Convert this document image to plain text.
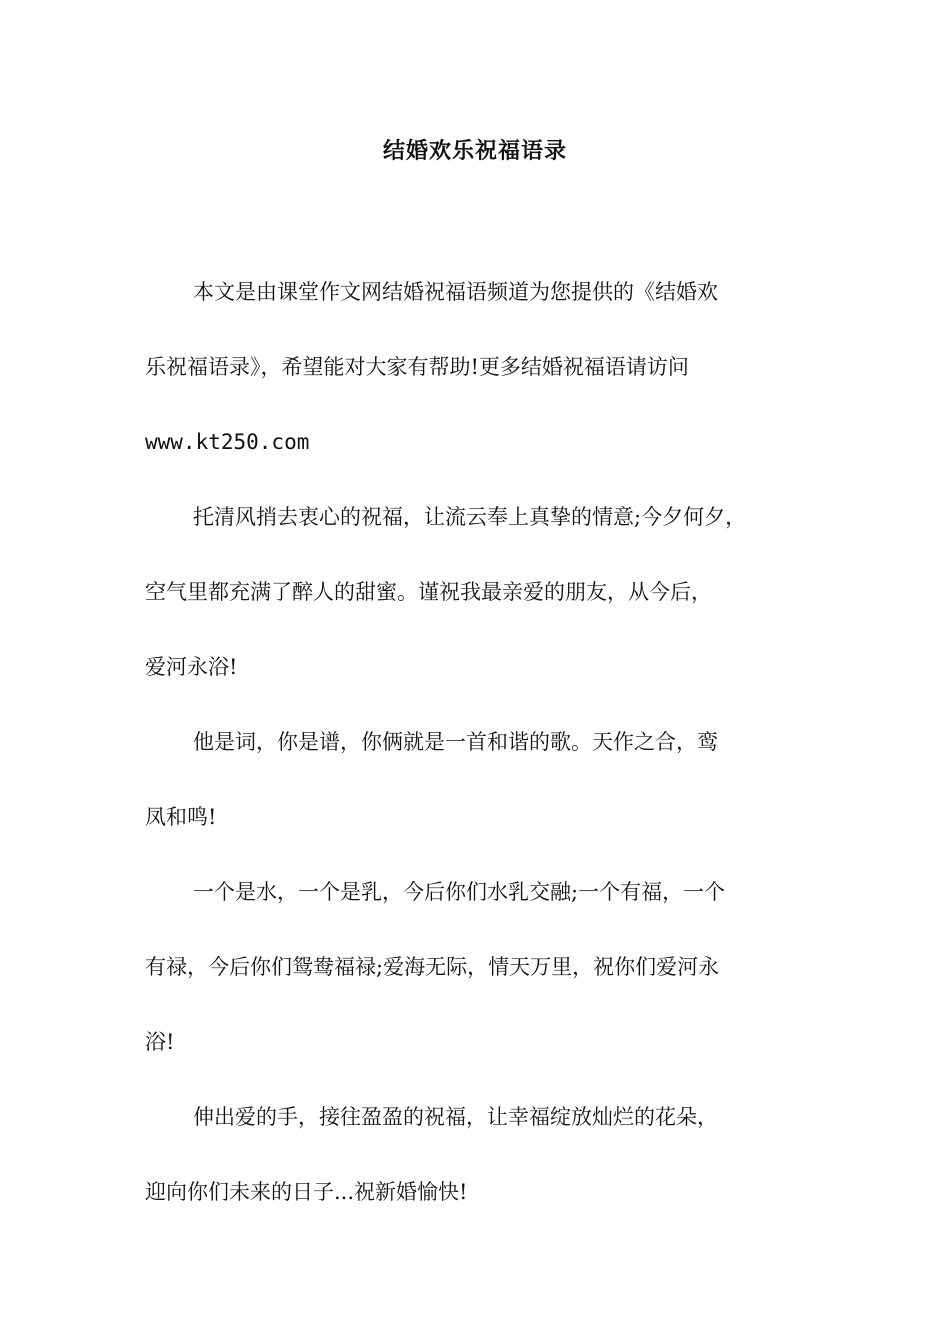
结婚欢乐祝福语录

本文是由课堂作文网结婚祝福语频道为您提供的《结婚欢
乐祝福语录》，希望能对大家有帮助!更多结婚祝福语请访问
www.kt250.com

托清风捎去衷心的祝福，让流云奉上真挚的情意;今夕何夕，
空气里都充满了醉人的甜蜜。谨祝我最亲爱的朋友，从今后，
爱河永浴!

他是词，你是谱，你俩就是一首和谐的歌。天作之合，鸾
凤和鸣!

一个是水，一个是乳，今后你们水乳交融;一个有福，一个
有禄，今后你们鸳鸯福禄;爱海无际，情天万里，祝你们爱河永
浴!

伸出爱的手，接往盈盈的祝福，让幸福绽放灿烂的花朵，
迎向你们未来的日子...祝新婚愉快!
